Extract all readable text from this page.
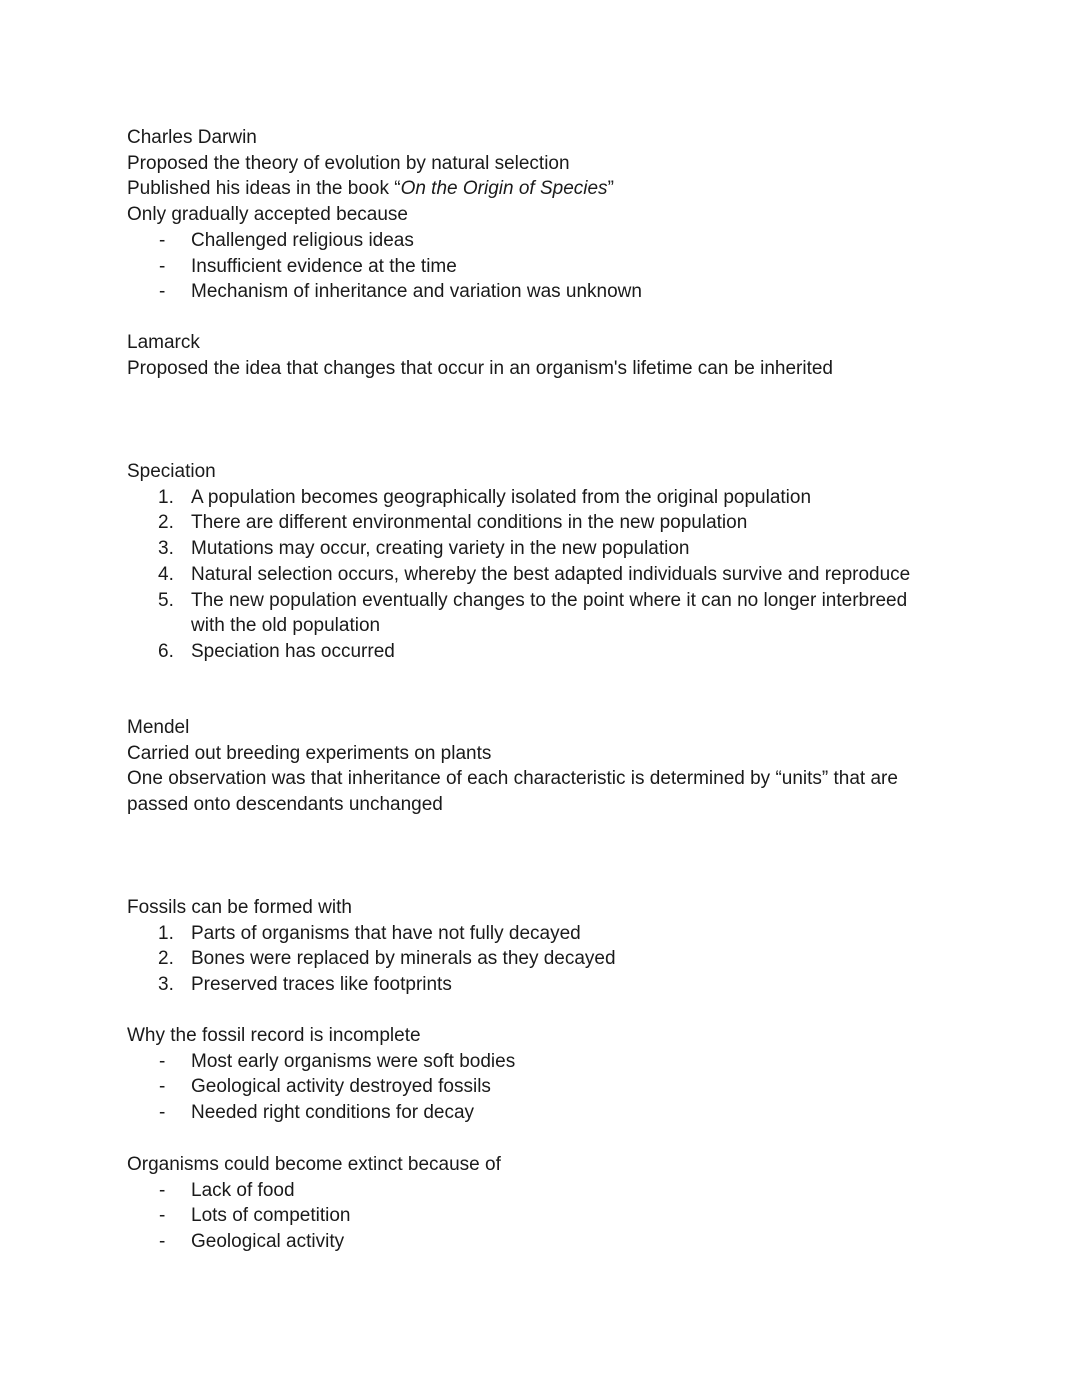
Charles Darwin
Proposed the theory of evolution by natural selection
Published his ideas in the book “On the Origin of Species”
Only gradually accepted because
-	Challenged religious ideas
-	Insufficient evidence at the time
-	Mechanism of inheritance and variation was unknown
Lamarck
Proposed the idea that changes that occur in an organism's lifetime can be inherited
Speciation
1. A population becomes geographically isolated from the original population
2. There are different environmental conditions in the new population
3. Mutations may occur, creating variety in the new population
4. Natural selection occurs, whereby the best adapted individuals survive and reproduce
5. The new population eventually changes to the point where it can no longer interbreed with the old population
6. Speciation has occurred
Mendel
Carried out breeding experiments on plants
One observation was that inheritance of each characteristic is determined by “units” that are passed onto descendants unchanged
Fossils can be formed with
1. Parts of organisms that have not fully decayed
2. Bones were replaced by minerals as they decayed
3. Preserved traces like footprints
Why the fossil record is incomplete
-	Most early organisms were soft bodies
-	Geological activity destroyed fossils
-	Needed right conditions for decay
Organisms could become extinct because of
-	Lack of food
-	Lots of competition
-	Geological activity
